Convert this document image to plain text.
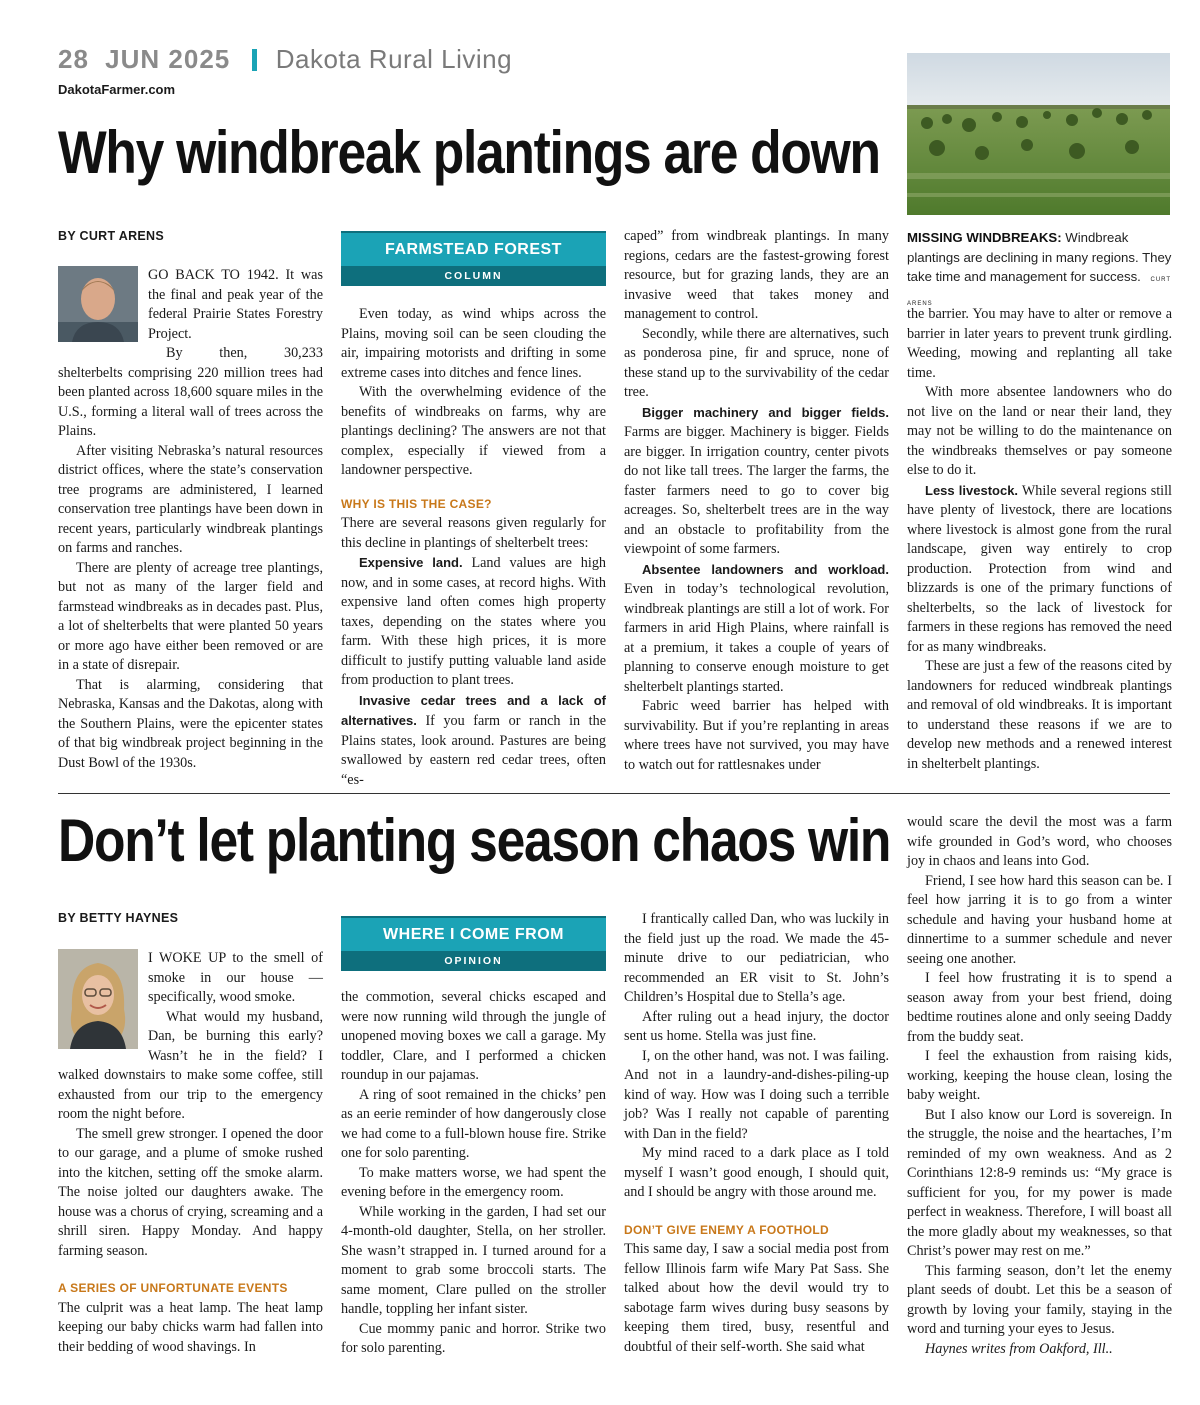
28 JUN 2025 Dakota Rural Living
DakotaFarmer.com
Why windbreak plantings are down
MISSING WINDBREAKS: Windbreak plantings are declining in many regions. They take time and management for success. CURT ARENS
BY CURT ARENS

GO BACK TO 1942. It was the final and peak year of the federal Prairie States Forestry Project.

By then, 30,233 shelterbelts comprising 220 million trees had been planted across 18,600 square miles in the U.S., forming a literal wall of trees across the Plains.

After visiting Nebraska’s natural resources district offices, where the state’s conservation tree programs are administered, I learned conservation tree plantings have been down in recent years, particularly windbreak plantings on farms and ranches.

There are plenty of acreage tree plantings, but not as many of the larger field and farmstead windbreaks as in decades past. Plus, a lot of shelterbelts that were planted 50 years or more ago have either been removed or are in a state of disrepair.

That is alarming, considering that Nebraska, Kansas and the Dakotas, along with the Southern Plains, were the epicenter states of that big windbreak project beginning in the Dust Bowl of the 1930s.

FARMSTEAD FOREST
COLUMN

Even today, as wind whips across the Plains, moving soil can be seen clouding the air, impairing motorists and drifting in some extreme cases into ditches and fence lines.

With the overwhelming evidence of the benefits of windbreaks on farms, why are plantings declining? The answers are not that complex, especially if viewed from a landowner perspective.

WHY IS THIS THE CASE?

There are several reasons given regularly for this decline in plantings of shelterbelt trees:

Expensive land. Land values are high now, and in some cases, at record highs. With expensive land often comes high property taxes, depending on the states where you farm. With these high prices, it is more difficult to justify putting valuable land aside from production to plant trees.

Invasive cedar trees and a lack of alternatives. If you farm or ranch in the Plains states, look around. Pastures are being swallowed by eastern red cedar trees, often “es-

caped” from windbreak plantings. In many regions, cedars are the fastest-growing forest resource, but for grazing lands, they are an invasive weed that takes money and management to control.

Secondly, while there are alternatives, such as ponderosa pine, fir and spruce, none of these stand up to the survivability of the cedar tree.

Bigger machinery and bigger fields. Farms are bigger. Machinery is bigger. Fields are bigger. In irrigation country, center pivots do not like tall trees. The larger the farms, the faster farmers need to go to cover big acreages. So, shelterbelt trees are in the way and an obstacle to profitability from the viewpoint of some farmers.

Absentee landowners and workload. Even in today’s technological revolution, windbreak plantings are still a lot of work. For farmers in arid High Plains, where rainfall is at a premium, it takes a couple of years of planning to conserve enough moisture to get shelterbelt plantings started.

Fabric weed barrier has helped with survivability. But if you’re replanting in areas where trees have not survived, you may have to watch out for rattlesnakes under

the barrier. You may have to alter or remove a barrier in later years to prevent trunk girdling. Weeding, mowing and replanting all take time.

With more absentee landowners who do not live on the land or near their land, they may not be willing to do the maintenance on the windbreaks themselves or pay someone else to do it.

Less livestock. While several regions still have plenty of livestock, there are locations where livestock is almost gone from the rural landscape, given way entirely to crop production. Protection from wind and blizzards is one of the primary functions of shelterbelts, so the lack of livestock for farmers in these regions has removed the need for as many windbreaks.

These are just a few of the reasons cited by landowners for reduced windbreak plantings and removal of old windbreaks. It is important to understand these reasons if we are to develop new methods and a renewed interest in shelterbelt plantings.

Don’t let planting season chaos win
BY BETTY HAYNES

I WOKE UP to the smell of smoke in our house — specifically, wood smoke.

What would my husband, Dan, be burning this early? Wasn’t he in the field? I walked downstairs to make some coffee, still exhausted from our trip to the emergency room the night before.

The smell grew stronger. I opened the door to our garage, and a plume of smoke rushed into the kitchen, setting off the smoke alarm. The noise jolted our daughters awake. The house was a chorus of crying, screaming and a shrill siren. Happy Monday. And happy farming season.

A SERIES OF UNFORTUNATE EVENTS

The culprit was a heat lamp. The heat lamp keeping our baby chicks warm had fallen into their bedding of wood shavings. In

WHERE I COME FROM
OPINION

the commotion, several chicks escaped and were now running wild through the jungle of unopened moving boxes we call a garage. My toddler, Clare, and I performed a chicken roundup in our pajamas.

A ring of soot remained in the chicks’ pen as an eerie reminder of how dangerously close we had come to a full-blown house fire. Strike one for solo parenting.

To make matters worse, we had spent the evening before in the emergency room.

While working in the garden, I had set our 4-month-old daughter, Stella, on her stroller. She wasn’t strapped in. I turned around for a moment to grab some broccoli starts. The same moment, Clare pulled on the stroller handle, toppling her infant sister.

Cue mommy panic and horror. Strike two for solo parenting.

I frantically called Dan, who was luckily in the field just up the road. We made the 45-minute drive to our pediatrician, who recommended an ER visit to St. John’s Children’s Hospital due to Stella’s age.

After ruling out a head injury, the doctor sent us home. Stella was just fine.

I, on the other hand, was not. I was failing. And not in a laundry-and-dishes-piling-up kind of way. How was I doing such a terrible job? Was I really not capable of parenting with Dan in the field?

My mind raced to a dark place as I told myself I wasn’t good enough, I should quit, and I should be angry with those around me.

DON’T GIVE ENEMY A FOOTHOLD

This same day, I saw a social media post from fellow Illinois farm wife Mary Pat Sass. She talked about how the devil would try to sabotage farm wives during busy seasons by keeping them tired, busy, resentful and doubtful of their self-worth. She said what

would scare the devil the most was a farm wife grounded in God’s word, who chooses joy in chaos and leans into God.

Friend, I see how hard this season can be. I feel how jarring it is to go from a winter schedule and having your husband home at dinnertime to a summer schedule and never seeing one another.

I feel how frustrating it is to spend a season away from your best friend, doing bedtime routines alone and only seeing Daddy from the buddy seat.

I feel the exhaustion from raising kids, working, keeping the house clean, losing the baby weight.

But I also know our Lord is sovereign. In the struggle, the noise and the heartaches, I’m reminded of my own weakness. And as 2 Corinthians 12:8-9 reminds us: “My grace is sufficient for you, for my power is made perfect in weakness. Therefore, I will boast all the more gladly about my weaknesses, so that Christ’s power may rest on me.”

This farming season, don’t let the enemy plant seeds of doubt. Let this be a season of growth by loving your family, staying in the word and turning your eyes to Jesus.

Haynes writes from Oakford, Ill..
